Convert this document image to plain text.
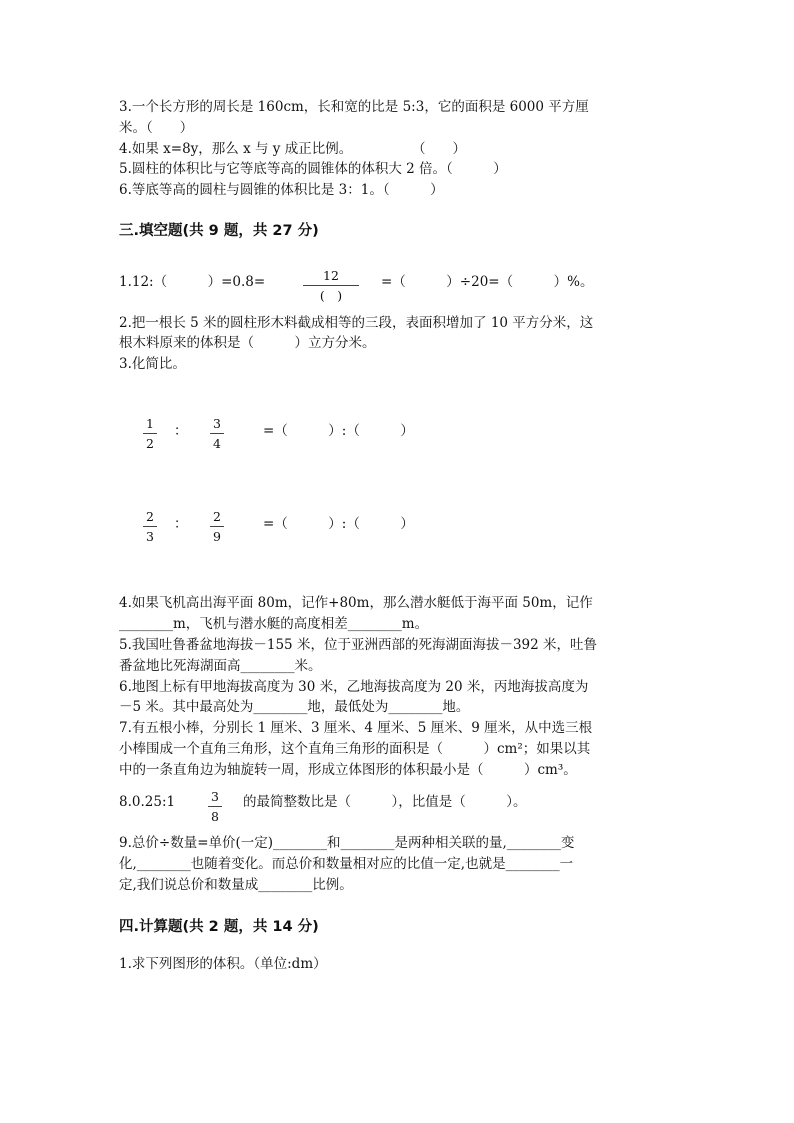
3.一个长方形的周长是 160cm，长和宽的比是 5:3，它的面积是 6000 平方厘
米。（　　）
4.如果 x=8y，那么 x 与 y 成正比例。	（　　）
5.圆柱的体积比与它等底等高的圆锥体的体积大 2 倍。（　　　）
6.等底等高的圆柱与圆锥的体积比是 3：1。（　　　）
三.填空题(共 9 题，共 27 分)
1.12:（　　　）=0.8=	12
(　)
=（　　　）÷20=（　　　）%。
2.把一根长 5 米的圆柱形木料截成相等的三段，表面积增加了 10 平方分米，这
根木料原来的体积是（　　　）立方分米。
3.化简比。
1
2
： 3
4
=（　　　）:（　　　）
2
3
： 2
9
=（　　　）:（　　　）
4.如果飞机高出海平面 80m，记作+80m，那么潜水艇低于海平面 50m，记作
________m，飞机与潜水艇的高度相差________m。
5.我国吐鲁番盆地海拔－155 米，位于亚洲西部的死海湖面海拔－392 米，吐鲁
番盆地比死海湖面高________米。
6.地图上标有甲地海拔高度为 30 米，乙地海拔高度为 20 米，丙地海拔高度为
－5 米。其中最高处为________地，最低处为________地。
7.有五根小棒，分别长 1 厘米、3 厘米、4 厘米、5 厘米、9 厘米，从中选三根
小棒围成一个直角三角形，这个直角三角形的面积是（　　　）cm²；如果以其
中的一条直角边为轴旋转一周，形成立体图形的体积最小是（　　　）cm³。
8.0.25:1	3
8
的最简整数比是（　　　），比值是（　　　）。
9.总价÷数量=单价(一定)________和________是两种相关联的量,________变
化,________也随着变化。而总价和数量相对应的比值一定,也就是________一
定,我们说总价和数量成________比例。
四.计算题(共 2 题，共 14 分)
1.求下列图形的体积。（单位:dm）
